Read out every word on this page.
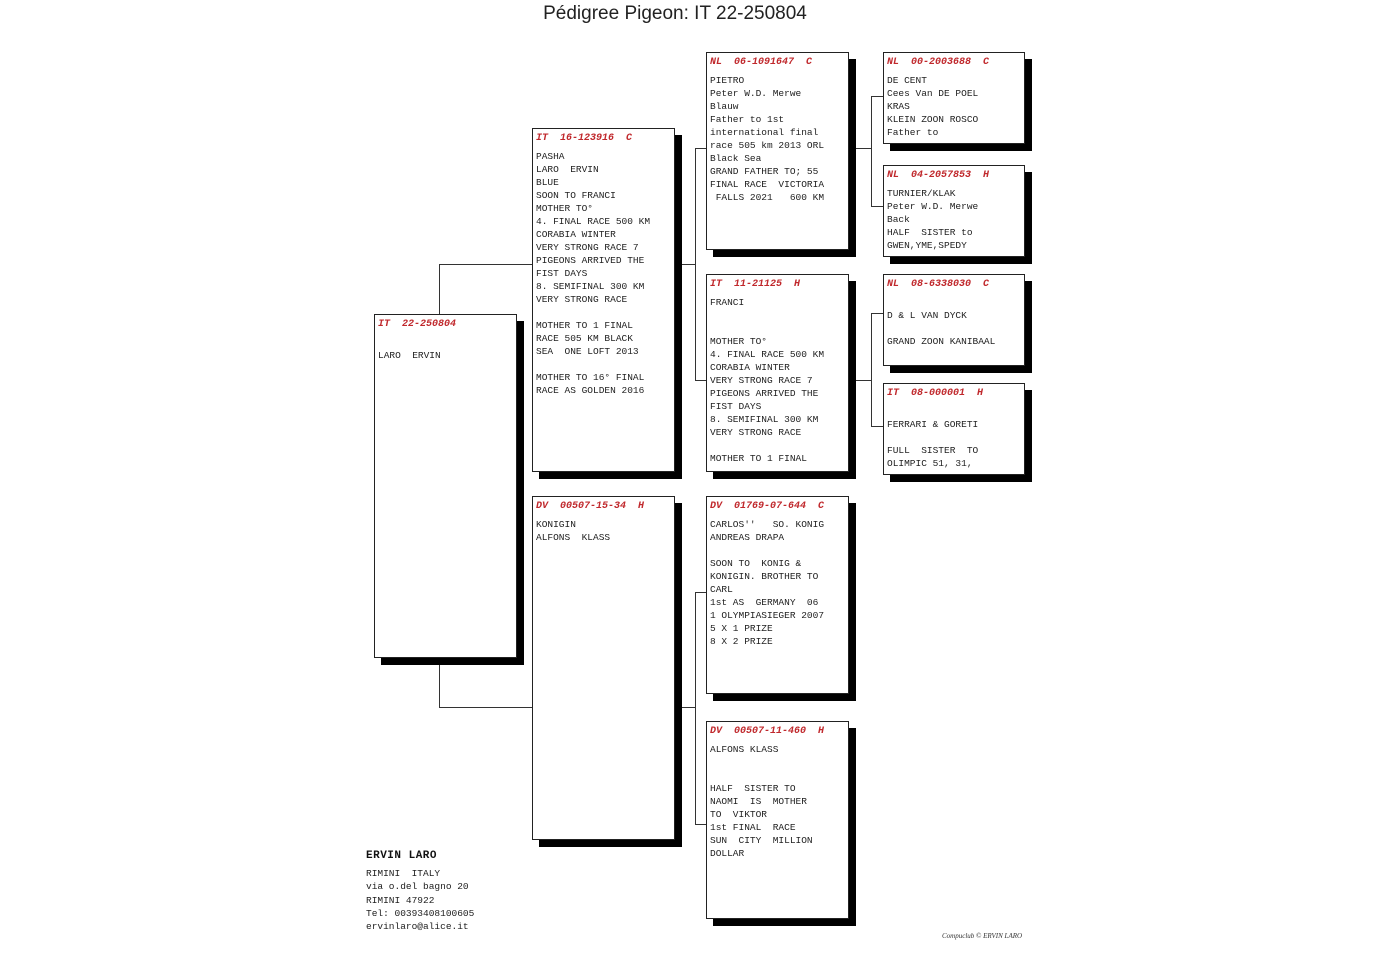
Pédigree Pigeon: IT 22-250804
IT  22-250804
LARO  ERVIN
IT  16-123916  C
PASHA
LARO  ERVIN
BLUE
SOON TO FRANCI
MOTHER TO°
4. FINAL RACE 500 KM
CORABIA WINTER
VERY STRONG RACE 7
PIGEONS ARRIVED THE
FIST DAYS
8. SEMIFINAL 300 KM
VERY STRONG RACE
MOTHER TO 1 FINAL
RACE 505 KM BLACK
SEA  ONE LOFT 2013
MOTHER TO 16° FINAL
RACE AS GOLDEN 2016
DV  00507-15-34  H
KONIGIN
ALFONS  KLASS
NL  06-1091647  C
PIETRO
Peter W.D. Merwe
Blauw
Father to 1st
international final
race 505 km 2013 ORL
Black Sea
GRAND FATHER TO; 55
FINAL RACE  VICTORIA
FALLS 2021   600 KM
IT  11-21125  H
FRANCI
MOTHER TO°
4. FINAL RACE 500 KM
CORABIA WINTER
VERY STRONG RACE 7
PIGEONS ARRIVED THE
FIST DAYS
8. SEMIFINAL 300 KM
VERY STRONG RACE
MOTHER TO 1 FINAL
DV  01769-07-644  C
CARLOS''   SO. KONIG
ANDREAS DRAPA
SOON TO  KONIG &
KONIGIN. BROTHER TO
CARL
1st AS  GERMANY  06
1 OLYMPIASIEGER 2007
5 X 1 PRIZE
8 X 2 PRIZE
DV  00507-11-460  H
ALFONS KLASS
HALF  SISTER TO
NAOMI  IS  MOTHER
TO  VIKTOR
1st FINAL  RACE
SUN  CITY  MILLION
DOLLAR
NL  00-2003688  C
DE CENT
Cees Van DE POEL
KRAS
KLEIN ZOON ROSCO
Father to
NL  04-2057853  H
TURNIER/KLAK
Peter W.D. Merwe
Back
HALF  SISTER to
GWEN,YME,SPEDY
NL  08-6338030  C
D & L VAN DYCK
GRAND ZOON KANIBAAL
IT  08-000001  H
FERRARI & GORETI
FULL  SISTER  TO
OLIMPIC 51, 31,
ERVIN LARO
RIMINI  ITALY
via o.del bagno 20
RIMINI 47922
Tel: 00393408100605
ervinlaro@alice.it
Compuclub © ERVIN LARO
